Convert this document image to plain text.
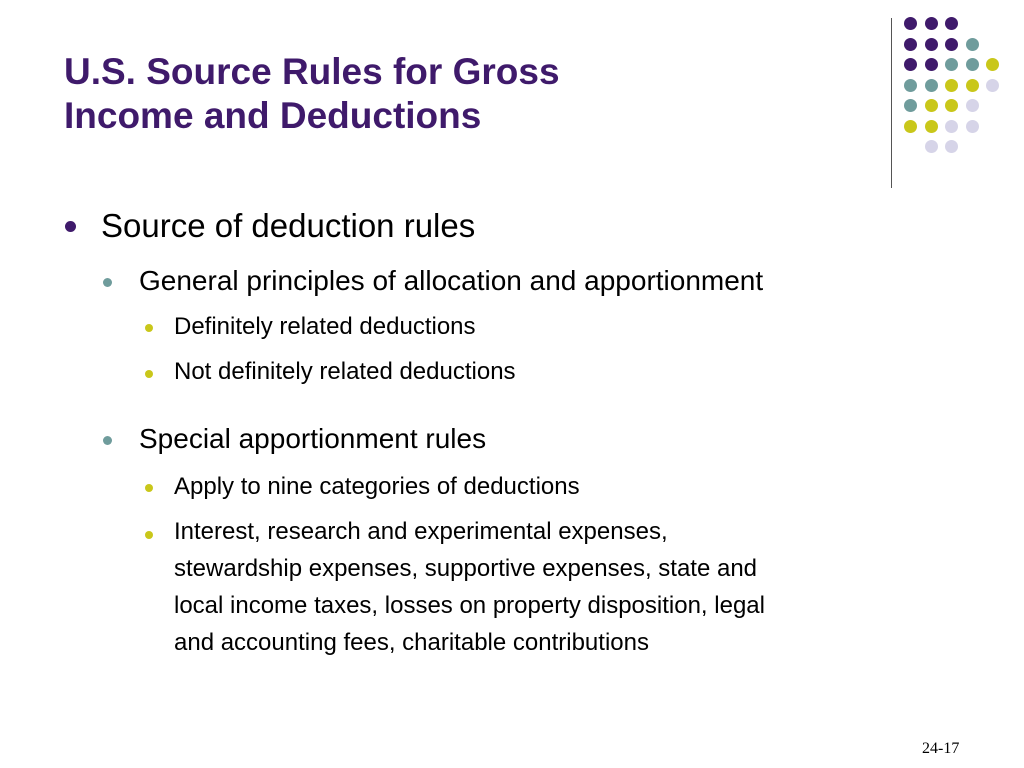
U.S. Source Rules for Gross
Income and Deductions

Source of deduction rules

General principles of allocation and apportionment

Definitely related deductions

Not definitely related deductions

Special apportionment rules

Apply to nine categories of deductions

Interest, research and experimental expenses,

stewardship expenses, supportive expenses, state and

local income taxes, losses on property disposition, legal

and accounting fees, charitable contributions

24-17
